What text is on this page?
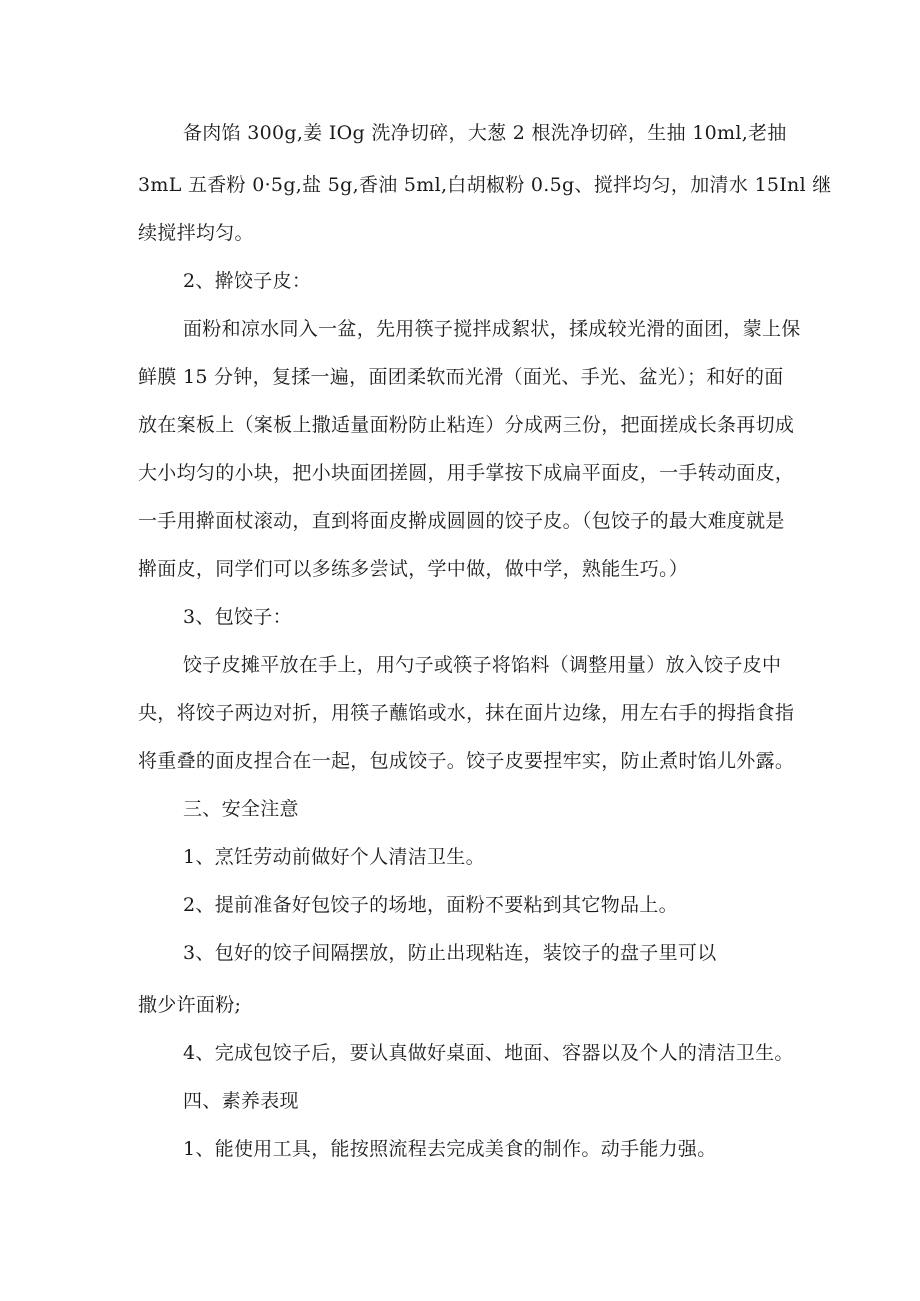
备肉馅 300g,姜 IOg 洗净切碎，大葱 2 根洗净切碎，生抽 10ml,老抽

3mL 五香粉 0·5g,盐 5g,香油 5ml,白胡椒粉 0.5g、搅拌均匀，加清水 15Inl 继

续搅拌均匀。

2、擀饺子皮：

面粉和凉水同入一盆，先用筷子搅拌成絮状，揉成较光滑的面团，蒙上保

鲜膜 15 分钟，复揉一遍，面团柔软而光滑（面光、手光、盆光）；和好的面

放在案板上（案板上撒适量面粉防止粘连）分成两三份，把面搓成长条再切成

大小均匀的小块，把小块面团搓圆，用手掌按下成扁平面皮，一手转动面皮，

一手用擀面杖滚动，直到将面皮擀成圆圆的饺子皮。（包饺子的最大难度就是

擀面皮，同学们可以多练多尝试，学中做，做中学，熟能生巧。）

3、包饺子：

饺子皮摊平放在手上，用勺子或筷子将馅料（调整用量）放入饺子皮中

央，将饺子两边对折，用筷子蘸馅或水，抹在面片边缘，用左右手的拇指食指

将重叠的面皮捏合在一起，包成饺子。饺子皮要捏牢实，防止煮时馅儿外露。

三、安全注意

1、烹饪劳动前做好个人清洁卫生。

2、提前准备好包饺子的场地，面粉不要粘到其它物品上。

3、包好的饺子间隔摆放，防止出现粘连，装饺子的盘子里可以

撒少许面粉;

4、完成包饺子后，要认真做好桌面、地面、容器以及个人的清洁卫生。

四、素养表现

1、能使用工具，能按照流程去完成美食的制作。动手能力强。
